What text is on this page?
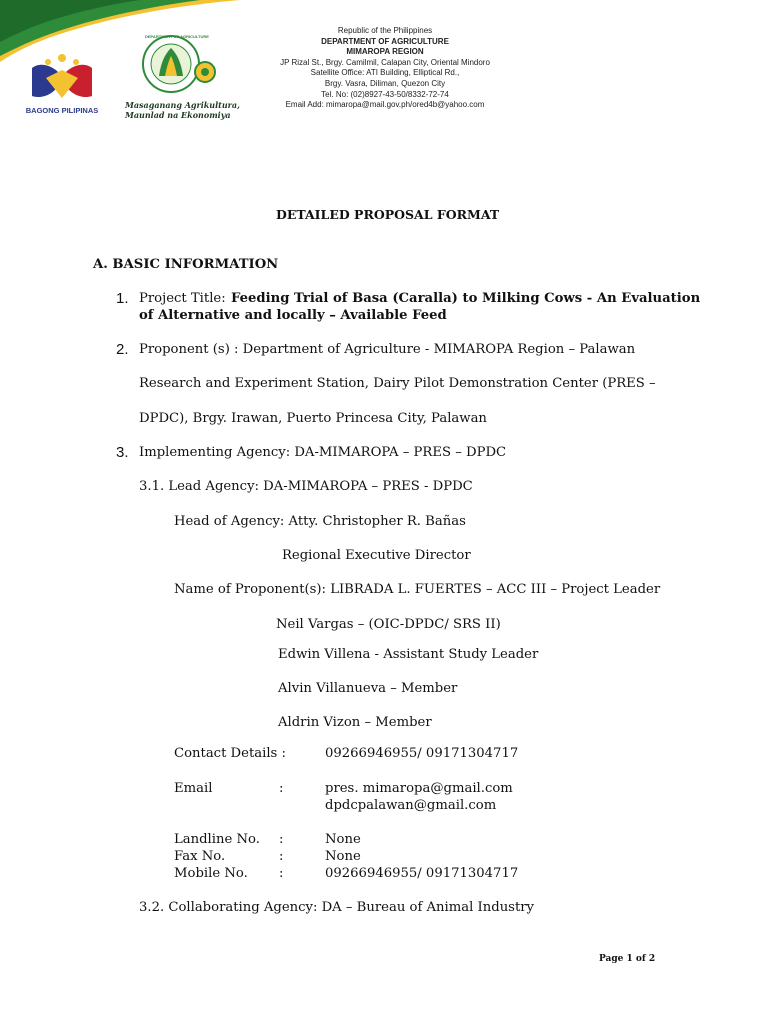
BAGONG PILIPINAS
DEPARTMENT OF AGRICULTURE
Masaganang Agrikultura,
Maunlad na Ekonomiya
Republic of the Philippines
DEPARTMENT OF AGRICULTURE
MIMAROPA REGION
JP Rizal St., Brgy. Camilmil, Calapan City, Oriental Mindoro
Satellite Office: ATI Building, Elliptical Rd.,
Brgy. Vasra, Diliman, Quezon City
Tel. No: (02)8927-43-50/8332-72-74
Email Add: mimaropa@mail.gov.ph/ored4b@yahoo.com
DETAILED PROPOSAL FORMAT
A. BASIC INFORMATION
1. Project Title: Feeding Trial of Basa (Caralla) to Milking Cows - An Evaluation
of Alternative and locally – Available Feed
2. Proponent (s) : Department of Agriculture - MIMAROPA Region – Palawan
Research and Experiment Station, Dairy Pilot Demonstration Center (PRES –
DPDC), Brgy. Irawan, Puerto Princesa City, Palawan
3. Implementing Agency: DA-MIMAROPA – PRES – DPDC
3.1. Lead Agency: DA-MIMAROPA – PRES - DPDC
Head of Agency: Atty. Christopher R. Bañas
Regional Executive Director
Name of Proponent(s): LIBRADA L. FUERTES – ACC III – Project Leader
Neil Vargas – (OIC-DPDC/ SRS II)
Edwin Villena - Assistant Study Leader
Alvin Villanueva – Member
Aldrin Vizon – Member
Contact Details :	09266946955/ 09171304717
Email	:	pres. mimaropa@gmail.com
dpdcpalawan@gmail.com
Landline No. :	None
Fax No.	:	None
Mobile No. :	09266946955/ 09171304717
3.2. Collaborating Agency: DA – Bureau of Animal Industry
Page 1 of 2
